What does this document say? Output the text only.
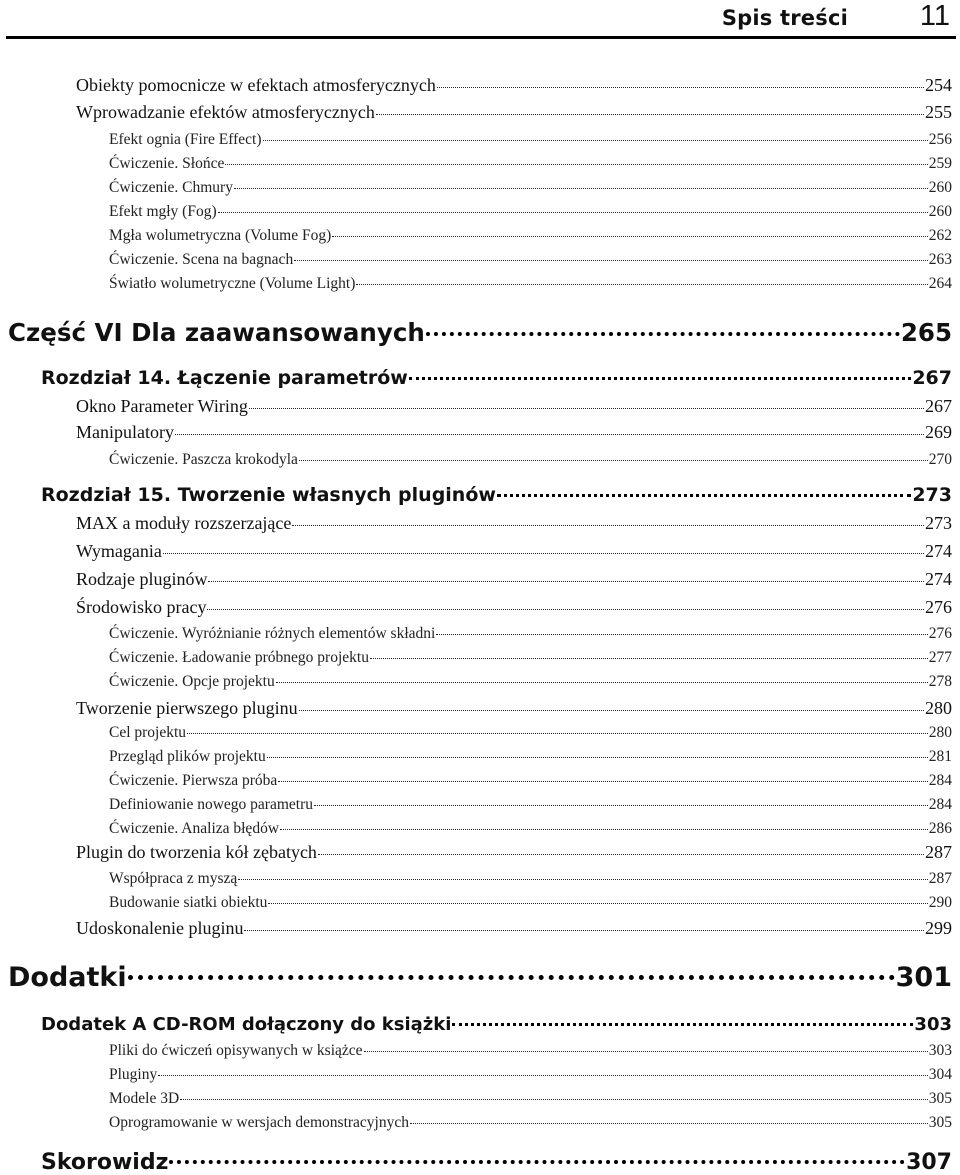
Spis treści 11
Obiekty pomocnicze w efektach atmosferycznych	254
Wprowadzanie efektów atmosferycznych	255
Efekt ognia (Fire Effect)	256
Ćwiczenie. Słońce	259
Ćwiczenie. Chmury	260
Efekt mgły (Fog)	260
Mgła wolumetryczna (Volume Fog)	262
Ćwiczenie. Scena na bagnach	263
Światło wolumetryczne (Volume Light)	264
Część VI Dla zaawansowanych	265
Rozdział 14. Łączenie parametrów	267
Okno Parameter Wiring	267
Manipulatory	269
Ćwiczenie. Paszcza krokodyla	270
Rozdział 15. Tworzenie własnych pluginów	273
MAX a moduły rozszerzające	273
Wymagania	274
Rodzaje pluginów	274
Środowisko pracy	276
Ćwiczenie. Wyróżnianie różnych elementów składni	276
Ćwiczenie. Ładowanie próbnego projektu	277
Ćwiczenie. Opcje projektu	278
Tworzenie pierwszego pluginu	280
Cel projektu	280
Przegląd plików projektu	281
Ćwiczenie. Pierwsza próba	284
Definiowanie nowego parametru	284
Ćwiczenie. Analiza błędów	286
Plugin do tworzenia kół zębatych	287
Współpraca z myszą	287
Budowanie siatki obiektu	290
Udoskonalenie pluginu	299
Dodatki	301
Dodatek A CD-ROM dołączony do książki	303
Pliki do ćwiczeń opisywanych w książce	303
Pluginy	304
Modele 3D	305
Oprogramowanie w wersjach demonstracyjnych	305
Skorowidz	307
